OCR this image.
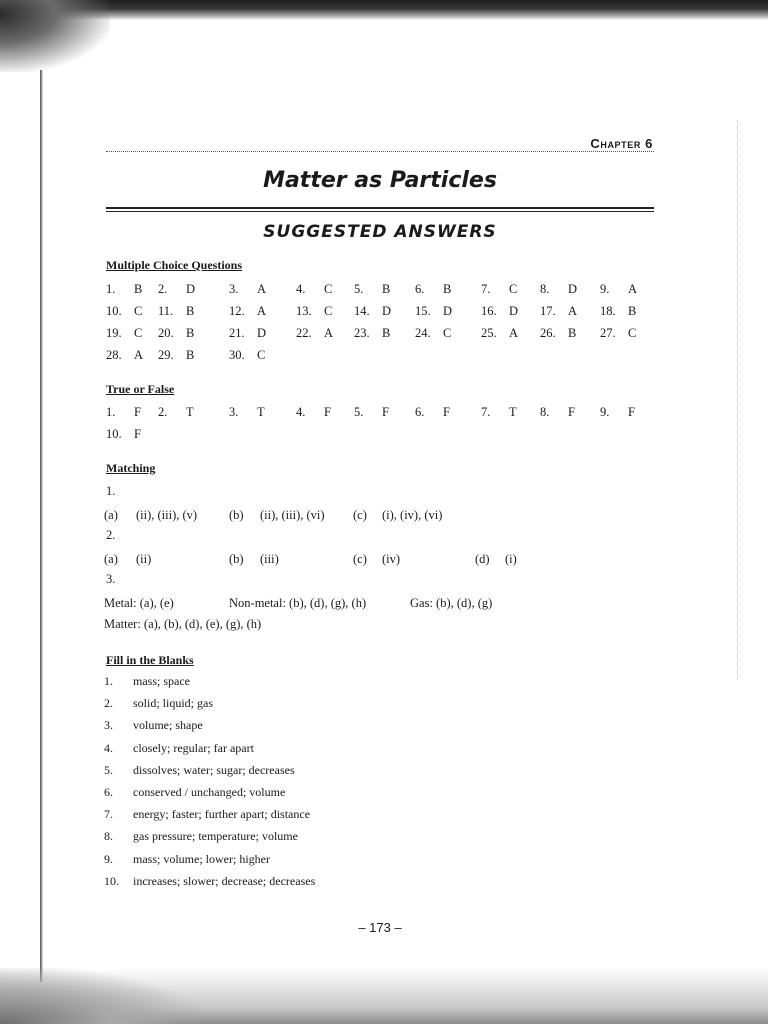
Chapter 6
Matter as Particles
SUGGESTED ANSWERS
Multiple Choice Questions
1. B 2. D	3. A 4. C 5. B 6. B 7. C 8. D 9. A
10. C 11. B	12. A 13. C 14. D 15. D 16. D 17. A 18. B
19. C 20. B	21. D 22. A 23. B 24. C 25. A 26. B 27. C
28. A 29. B	30. C
True or False
1. F 2. T	3. T	4. F 5. F 6. F 7. T 8. F 9. F
10. F
Matching
1.
(a) (ii), (iii), (v)	(b) (ii), (iii), (vi) (c) (i), (iv), (vi)
2.
(a) (ii)	(b) (iii)	(c) (iv)	(d) (i)
3.
Metal: (a), (e)	Non-metal: (b), (d), (g), (h)	Gas: (b), (d), (g)
Matter: (a), (b), (d), (e), (g), (h)
Fill in the Blanks
1.	mass; space
2.	solid; liquid; gas
3.	volume; shape
4.	closely; regular; far apart
5.	dissolves; water; sugar; decreases
6.	conserved / unchanged; volume
7.	energy; faster; further apart; distance
8.	gas pressure; temperature; volume
9.	mass; volume; lower; higher
10.	increases; slower; decrease; decreases
– 173 –
